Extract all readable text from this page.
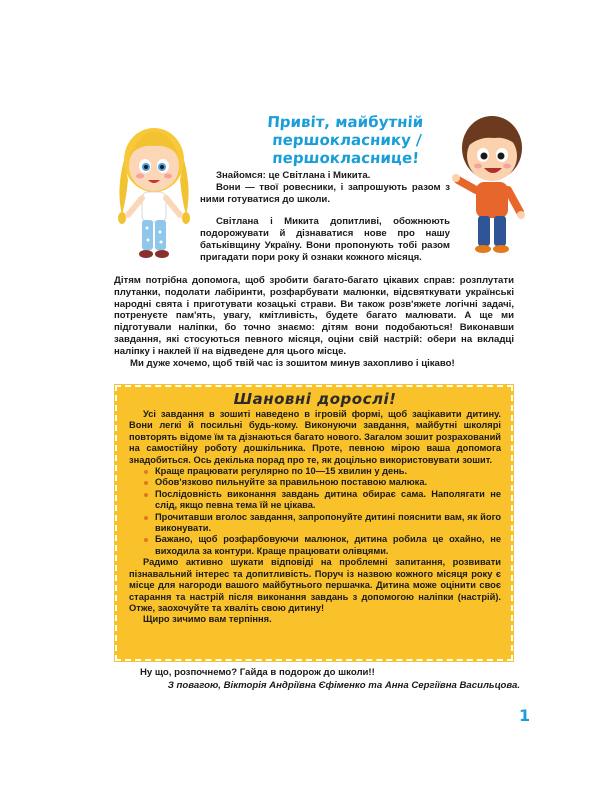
Привіт, майбутній
першокласнику / першокласнице!

Знайомся: це Світлана і Микита.

Вони — твої ровесники, і запрошують разом з ними готуватися до школи.

Світлана і Микита допитливі, обожнюють подорожувати й дізнаватися нове про нашу батьківщину Україну. Вони пропонують тобі разом пригадати пори року й ознаки кожного місяця.

Дітям потрібна допомога, щоб зробити багато-багато цікавих справ: розплутати плутанки, подолати лабіринти, розфарбувати малюнки, відсвяткувати українські народні свята і приготувати козацькі страви. Ви також розв'яжете логічні задачі, потренуєте пам'ять, увагу, кмітливість, будете багато малювати. А ще ми підготували наліпки, бо точно знаємо: дітям вони подобаються! Виконавши завдання, які стосуються певного місяця, оціни свій настрій: обери на вкладці наліпку і наклей її на відведене для цього місце.

Ми дуже хочемо, щоб твій час із зошитом минув захопливо і цікаво!

Шановні дорослі!

Усі завдання в зошиті наведено в ігровій формі, щоб зацікавити дитину. Вони легкі й посильні будь-кому. Виконуючи завдання, майбутні школярі повторять відоме їм та дізнаються багато нового. Загалом зошит розрахований на самостійну роботу дошкільника. Проте, певною мірою ваша допомога знадобиться. Ось декілька порад про те, як доцільно використовувати зошит.

Краще працювати регулярно по 10—15 хвилин у день.
Обов'язково пильнуйте за правильною поставою малюка.
Послідовність виконання завдань дитина обирає сама. Наполягати не слід, якщо певна тема їй не цікава.
Прочитавши вголос завдання, запропонуйте дитині пояснити вам, як його виконувати.
Бажано, щоб розфарбовуючи малюнок, дитина робила це охайно, не виходила за контури. Краще працювати олівцями.

Радимо активно шукати відповіді на проблемні запитання, розвивати пізнавальний інтерес та допитливість. Поруч із назвою кожного місяця року є місце для нагороди вашого майбутнього першачка. Дитина може оцінити своє старання та настрій після виконання завдань з допомогою наліпки (настрій). Отже, заохочуйте та хваліть свою дитину!

Щиро зичимо вам терпіння.

Ну що, розпочнемо? Гайда в подорож до школи!!

З повагою, Вікторія Андріївна Єфіменко та Анна Сергіївна Васильцова.

1
